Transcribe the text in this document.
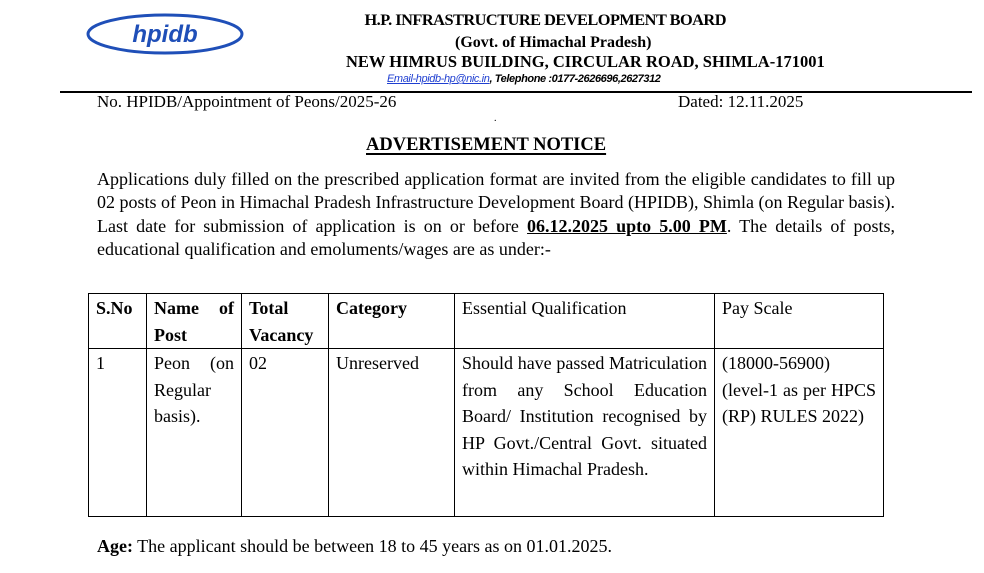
hpidb
H.P. INFRASTRUCTURE DEVELOPMENT BOARD
(Govt. of Himachal Pradesh)
NEW HIMRUS BUILDING, CIRCULAR ROAD, SHIMLA-171001
Email-hpidb-hp@nic.in, Telephone :0177-2626696,2627312
No. HPIDB/Appointment of Peons/2025-26	Dated: 12.11.2025
.
ADVERTISEMENT NOTICE
Applications duly filled on the prescribed application format are invited from the eligible candidates to fill up 02 posts of Peon in Himachal Pradesh Infrastructure Development Board (HPIDB), Shimla (on Regular basis). Last date for submission of application is on or before 06.12.2025 upto 5.00 PM. The details of posts, educational qualification and emoluments/wages are as under:-
S.No	Name of Post	Total Vacancy	Category	Essential Qualification	Pay Scale
1	Peon (on Regular basis).	02	Unreserved	Should have passed Matriculation from any School Education Board/ Institution recognised by HP Govt./Central Govt. situated within Himachal Pradesh.	(18000-56900) (level-1 as per HPCS (RP) RULES 2022)
Age: The applicant should be between 18 to 45 years as on 01.01.2025.
